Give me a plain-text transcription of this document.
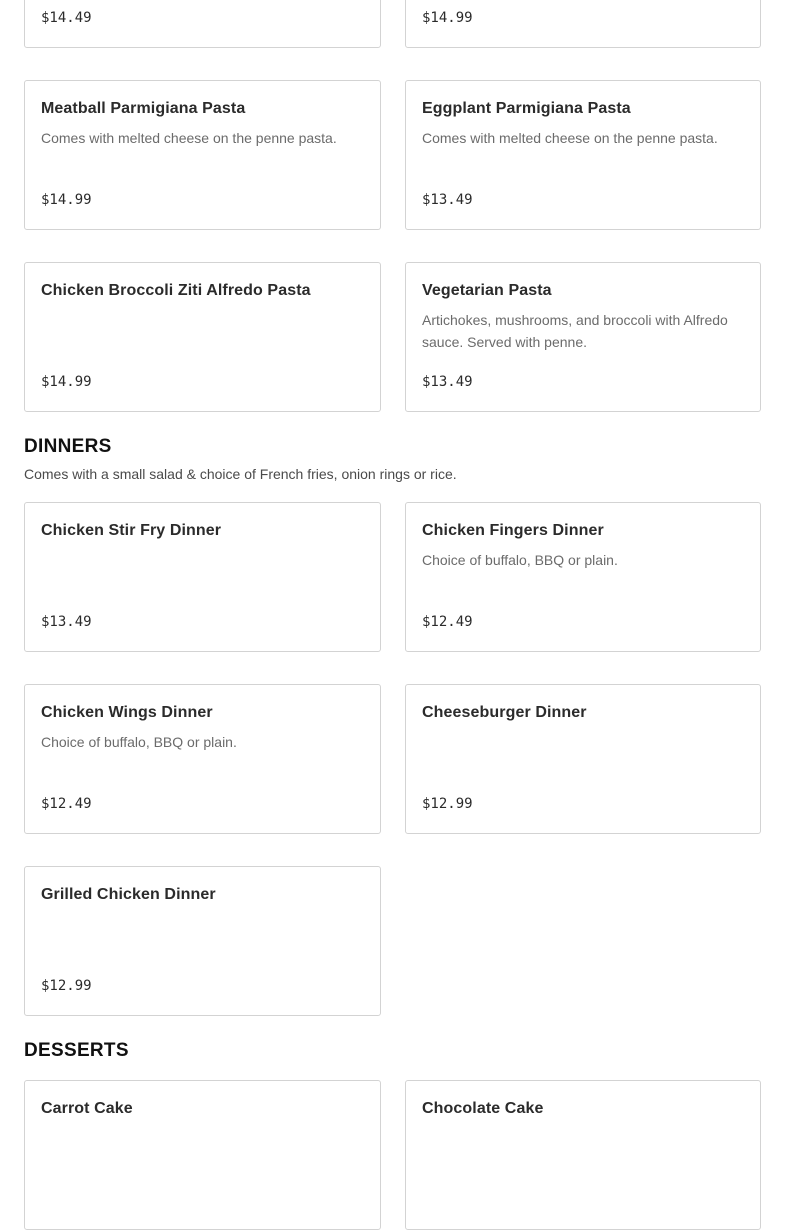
$14.49	$14.99
Meatball Parmigiana Pasta
Comes with melted cheese on the penne pasta.
$14.99
Eggplant Parmigiana Pasta
Comes with melted cheese on the penne pasta.
$13.49
Chicken Broccoli Ziti Alfredo Pasta
$14.99
Vegetarian Pasta
Artichokes, mushrooms, and broccoli with Alfredo sauce. Served with penne.
$13.49
DINNERS

Comes with a small salad & choice of French fries, onion rings or rice.

Chicken Stir Fry Dinner
$13.49
Chicken Fingers Dinner
Choice of buffalo, BBQ or plain.
$12.49
Chicken Wings Dinner
Choice of buffalo, BBQ or plain.
$12.49
Cheeseburger Dinner
$12.99
Grilled Chicken Dinner
$12.99
DESSERTS
Carrot Cake	Chocolate Cake
